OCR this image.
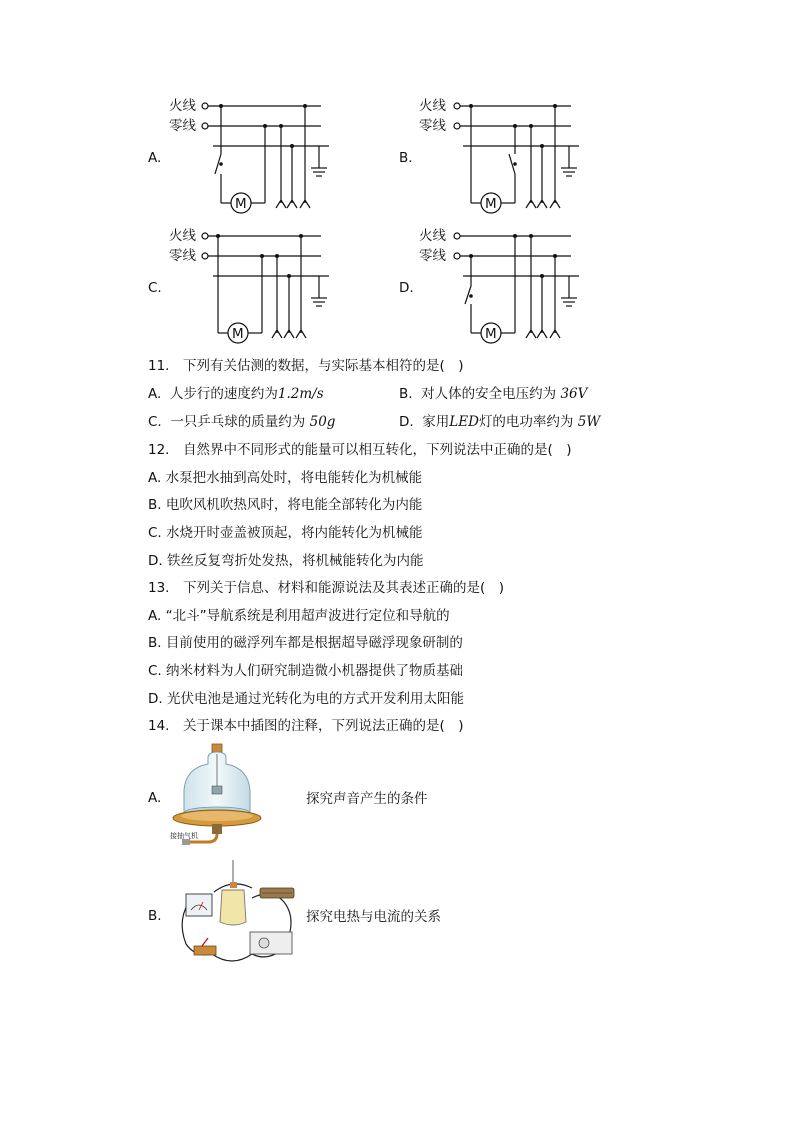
A.	B.
C.	D.
火线
零线
M
火线
零线
M
火线
零线
M
火线
零线
M
11.　下列有关估测的数据，与实际基本相符的是(　)
A. 人步行的速度约为1.2m/s	B. 对人体的安全电压约为 36V
C. 一只乒乓球的质量约为 50g	D. 家用LED灯的电功率约为 5W
12.　自然界中不同形式的能量可以相互转化，下列说法中正确的是(　)
A. 水泵把水抽到高处时，将电能转化为机械能
B. 电吹风机吹热风时，将电能全部转化为内能
C. 水烧开时壶盖被顶起，将内能转化为机械能
D. 铁丝反复弯折处发热，将机械能转化为内能
13.　下列关于信息、材料和能源说法及其表述正确的是(　)
A. “北斗”导航系统是利用超声波进行定位和导航的
B. 目前使用的磁浮列车都是根据超导磁浮现象研制的
C. 纳米材料为人们研究制造微小机器提供了物质基础
D. 光伏电池是通过光转化为电的方式开发利用太阳能
14.　关于课本中插图的注释，下列说法正确的是(　)
A.
接抽气机
探究声音产生的条件
B.	探究电热与电流的关系
